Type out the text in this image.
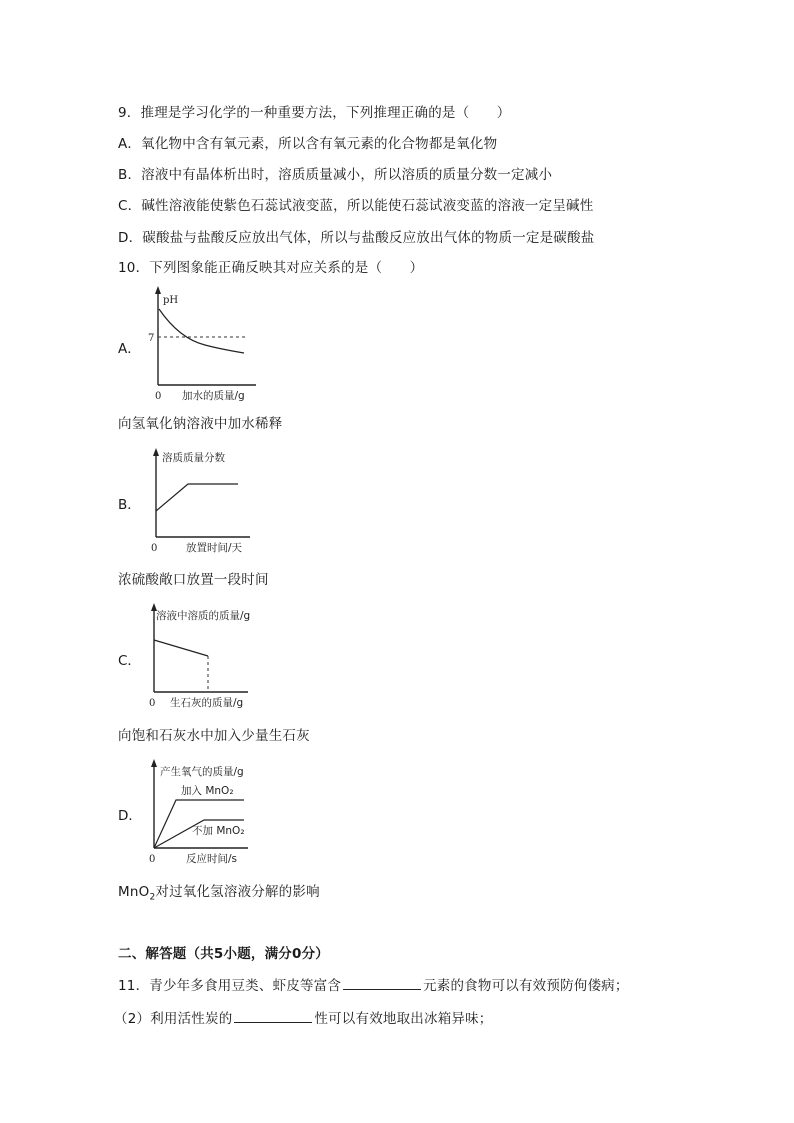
9．推理是学习化学的一种重要方法，下列推理正确的是（　　）
A．氧化物中含有氧元素，所以含有氧元素的化合物都是氧化物
B．溶液中有晶体析出时，溶质质量减小，所以溶质的质量分数一定减小
C．碱性溶液能使紫色石蕊试液变蓝，所以能使石蕊试液变蓝的溶液一定呈碱性
D．碳酸盐与盐酸反应放出气体，所以与盐酸反应放出气体的物质一定是碳酸盐
10．下列图象能正确反映其对应关系的是（　　）
A．
pH
7
0 加水的质量/g
向氢氧化钠溶液中加水稀释
B．
溶质质量分数
0	放置时间/天
浓硫酸敞口放置一段时间
C．
溶液中溶质的质量/g
0 生石灰的质量/g
向饱和石灰水中加入少量生石灰
D．
产生氧气的质量/g
加入 MnO₂
不加 MnO₂
0	反应时间/s
MnO$_2$对过氧化氢溶液分解的影响
二、解答题（共5小题，满分0分）
11．青少年多食用豆类、虾皮等富含	元素的食物可以有效预防佝偻病；
（2）利用活性炭的	性可以有效地取出冰箱异味；
